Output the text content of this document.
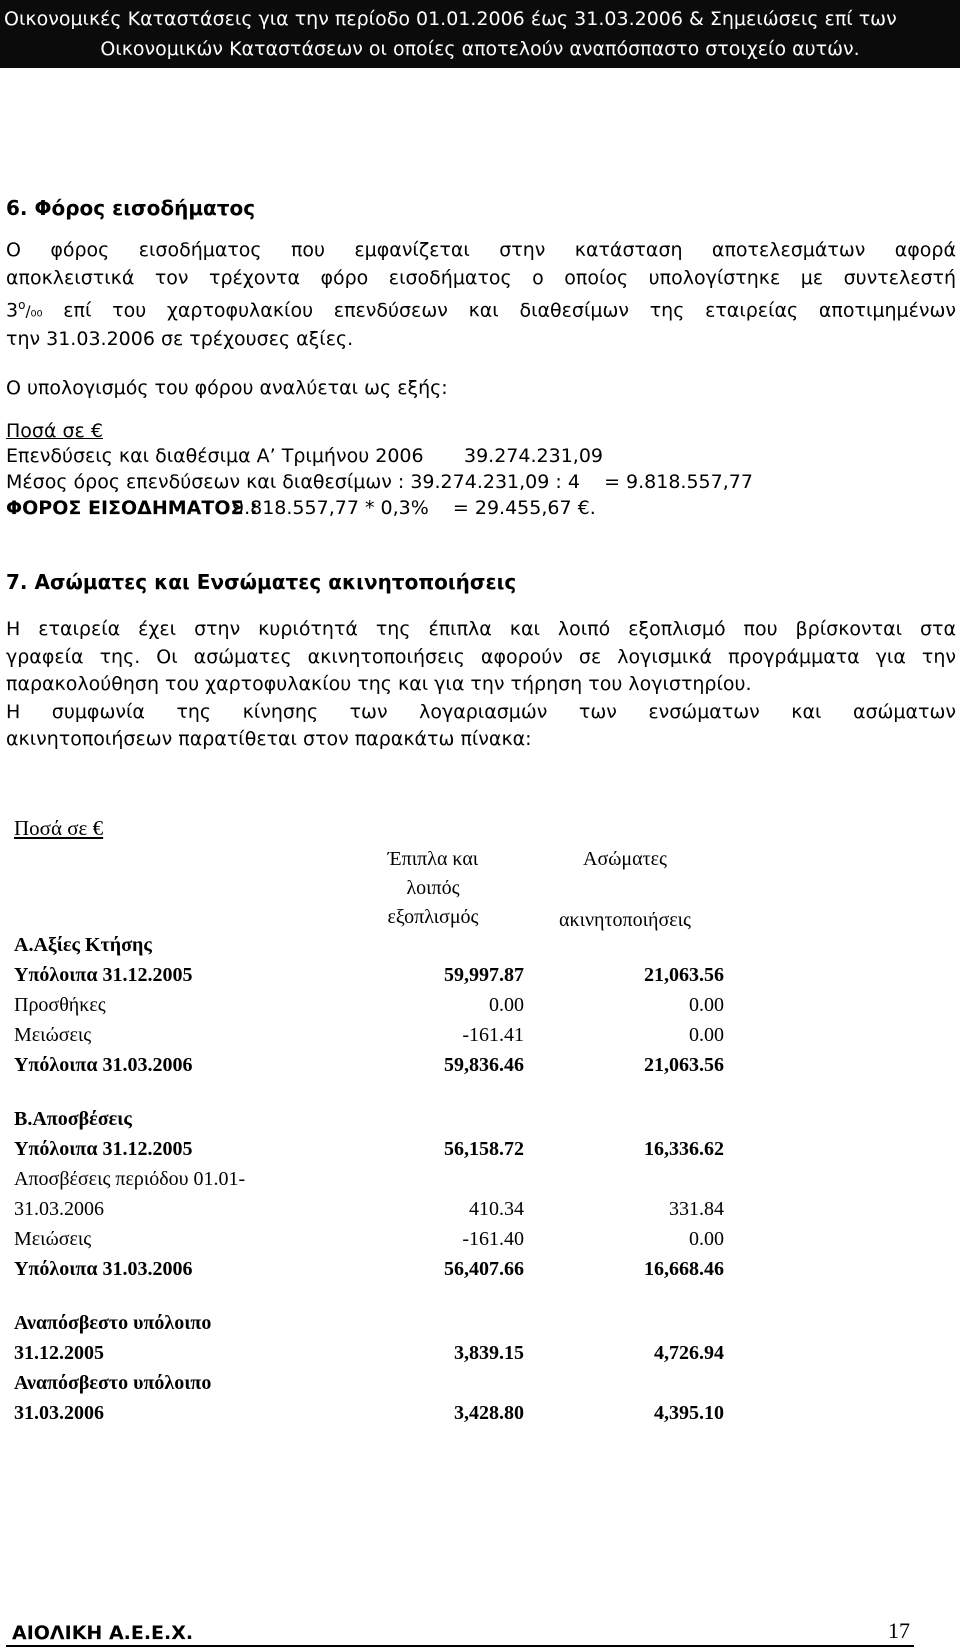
Οικονομικές Καταστάσεις για την περίοδο 01.01.2006 έως 31.03.2006 & Σημειώσεις επί των
Οικονομικών Καταστάσεων οι οποίες αποτελούν αναπόσπαστο στοιχείο αυτών.
6. Φόρος εισοδήματος
Ο φόρος εισοδήματος που εμφανίζεται στην κατάσταση αποτελεσμάτων αφορά
αποκλειστικά τον τρέχοντα φόρο εισοδήματος ο οποίος υπολογίστηκε με συντελεστή
$3^o/_{00}$ επί του χαρτοφυλακίου επενδύσεων και διαθεσίμων της εταιρείας αποτιμημένων
την 31.03.2006 σε τρέχουσες αξίες.
Ο υπολογισμός του φόρου αναλύεται ως εξής:
Ποσά σε €
Επενδύσεις και διαθέσιμα Α’ Τριμήνου 2006 39.274.231,09
Μέσος όρος επενδύσεων και διαθεσίμων : 39.274.231,09 : 4    = 9.818.557,77
ΦΟΡΟΣ ΕΙΣΟΔΗΜΑΤΟΣ :
9.818.557,77 * 0,3%    = 29.455,67 €.
7. Ασώματες και Ενσώματες ακινητοποιήσεις
Η εταιρεία έχει στην κυριότητά της έπιπλα και λοιπό εξοπλισμό που βρίσκονται στα
γραφεία της. Οι ασώματες ακινητοποιήσεις αφορούν σε λογισμικά προγράμματα για την
παρακολούθηση του χαρτοφυλακίου της και για την τήρηση του λογιστηρίου.
Η συμφωνία της κίνησης των λογαριασμών των ενσώματων και ασώματων
ακινητοποιήσεων παρατίθεται στον παρακάτω πίνακα:
Ποσά σε €
Έπιπλα και
λοιπός
εξοπλισμός
Ασώματες
ακινητοποιήσεις
Α.Αξίες Κτήσης
Υπόλοιπα 31.12.2005	59,997.87	21,063.56
Προσθήκες	0.00	0.00
Μειώσεις	-161.41	0.00
Υπόλοιπα 31.03.2006	59,836.46	21,063.56
Β.Αποσβέσεις
Υπόλοιπα 31.12.2005	56,158.72	16,336.62
Αποσβέσεις περιόδου 01.01-
31.03.2006	410.34	331.84
Μειώσεις	-161.40	0.00
Υπόλοιπα 31.03.2006	56,407.66	16,668.46
Αναπόσβεστο υπόλοιπο
31.12.2005	3,839.15	4,726.94
Αναπόσβεστο υπόλοιπο
31.03.2006	3,428.80	4,395.10
ΑΙΟΛΙΚΗ Α.Ε.Ε.Χ.	17
